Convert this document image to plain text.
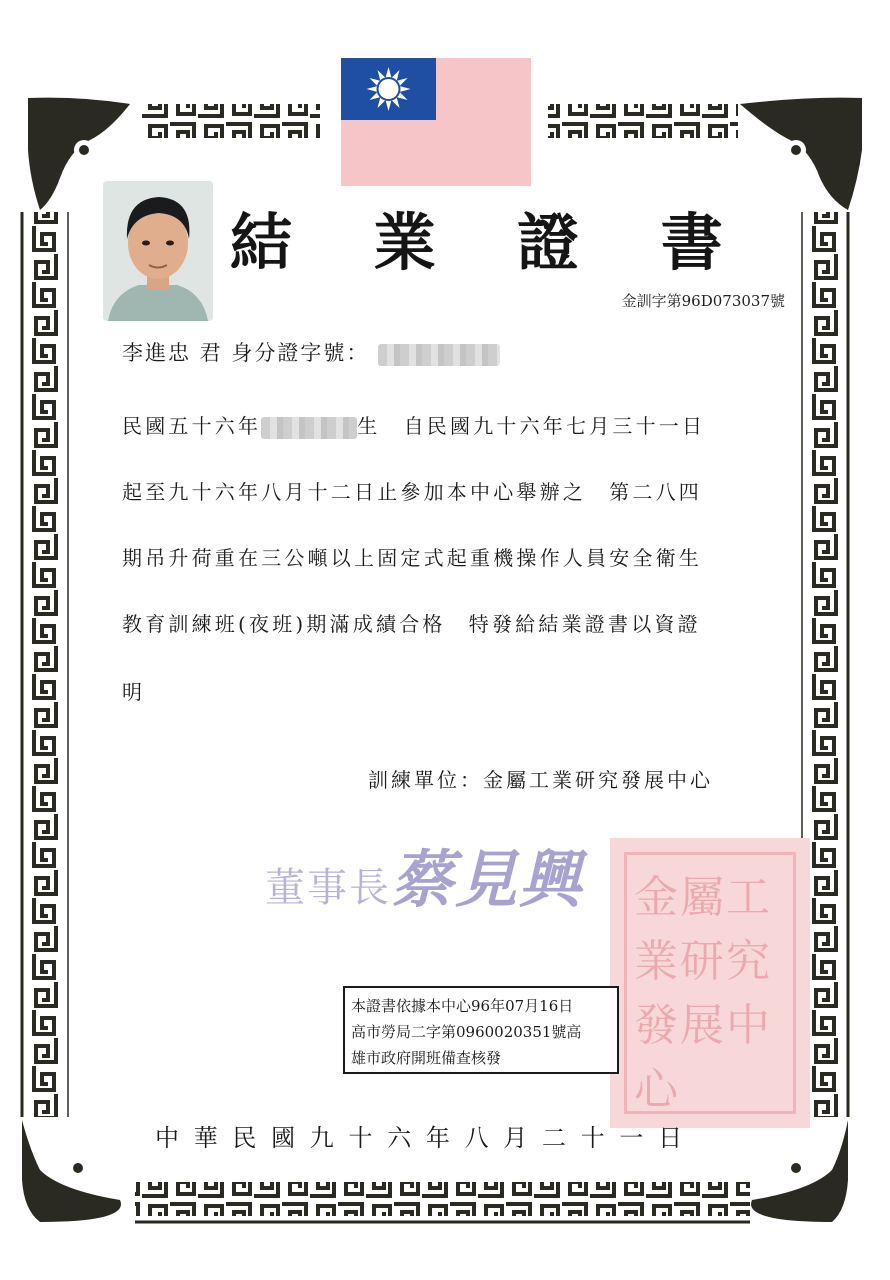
結 業 證 書
金訓字第96D073037號
李進忠 君 身分證字號：
民國五十六年	生　自民國九十六年七月三十一日
起至九十六年八月十二日止參加本中心舉辦之　第二八四
期吊升荷重在三公噸以上固定式起重機操作人員安全衛生
教育訓練班(夜班)期滿成績合格　特發給結業證書以資證
明
訓練單位：金屬工業研究發展中心
金屬工業研究發展中心
董事長蔡見興
本證書依據本中心96年07月16日
高市勞局二字第0960020351號高
雄市政府開班備查核發
中華民國九十六年八月二十一日
